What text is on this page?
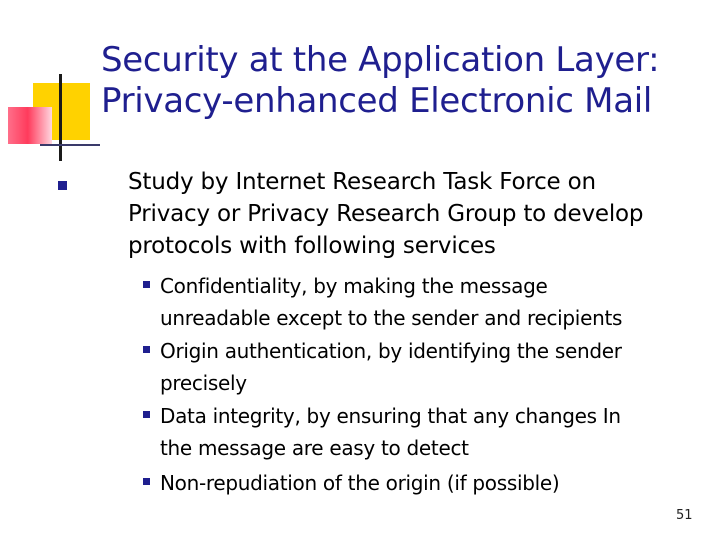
Security at the Application Layer:
Privacy-enhanced Electronic Mail
Study by Internet Research Task Force on
Privacy or Privacy Research Group to develop
protocols with following services
Confidentiality, by making the message
unreadable except to the sender and recipients
Origin authentication, by identifying the sender
precisely
Data integrity, by ensuring that any changes In
the message are easy to detect
Non-repudiation of the origin (if possible)
51
